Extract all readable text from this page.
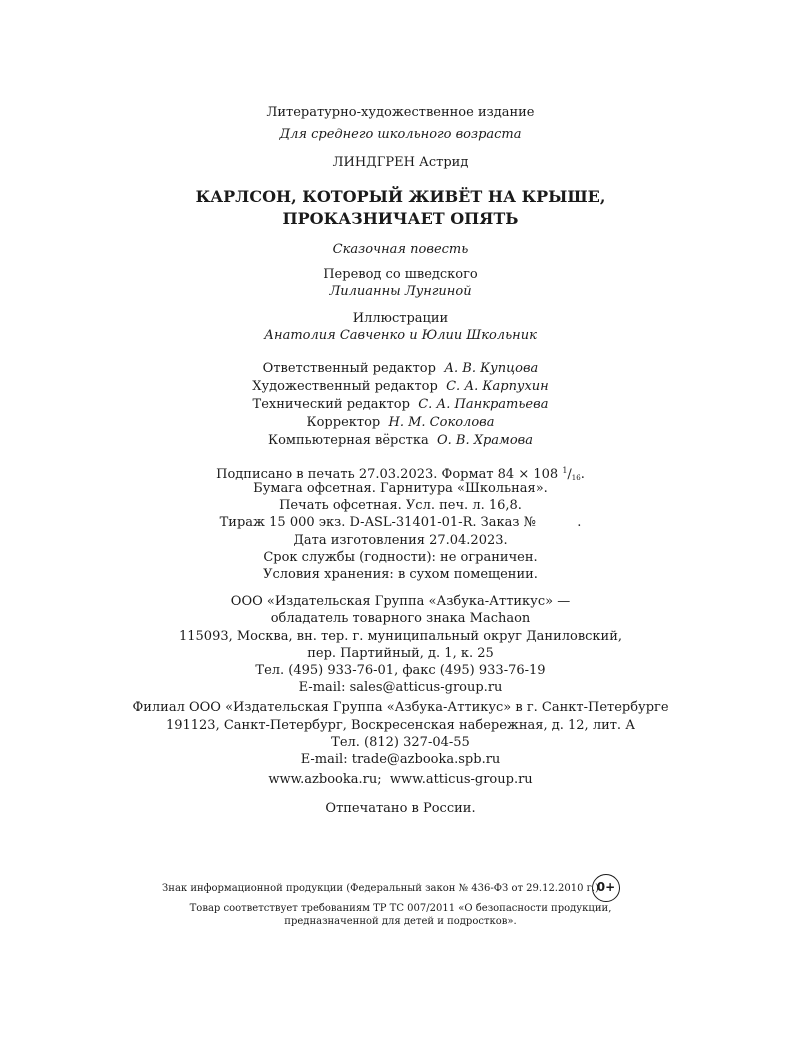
Литературно-художественное издание
Для среднего школьного возраста
ЛИНДГРЕН Астрид
КАРЛСОН, КОТОРЫЙ ЖИВЁТ НА КРЫШЕ,
ПРОКАЗНИЧАЕТ ОПЯТЬ
Сказочная повесть
Перевод со шведского
Лилианны Лунгиной
Иллюстрации
Анатолия Савченко и Юлии Школьник
Ответственный редактор А. В. Купцова
Художественный редактор С. А. Карпухин
Технический редактор С. А. Панкратьева
Корректор Н. М. Соколова
Компьютерная вёрстка О. В. Храмова
Подписано в печать 27.03.2023. Формат 84 × 108 $^1/_{16}$.
Бумага офсетная. Гарнитура «Школьная».
Печать офсетная. Усл. печ. л. 16,8.
Тираж 15 000 экз. D-ASL-31401-01-R. Заказ №          .
Дата изготовления 27.04.2023.
Срок службы (годности): не ограничен.
Условия хранения: в сухом помещении.
ООО «Издательская Группа «Азбука-Аттикус» —
обладатель товарного знака Machaon
115093, Москва, вн. тер. г. муниципальный округ Даниловский,
пер. Партийный, д. 1, к. 25
Тел. (495) 933-76-01, факс (495) 933-76-19
E-mail: sales@atticus-group.ru
Филиал ООО «Издательская Группа «Азбука-Аттикус» в г. Санкт-Петербурге
191123, Санкт-Петербург, Воскресенская набережная, д. 12, лит. А
Тел. (812) 327-04-55
E-mail: trade@azbooka.spb.ru
www.azbooka.ru;  www.atticus-group.ru
Отпечатано в России.
Знак информационной продукции (Федеральный закон № 436-ФЗ от 29.12.2010 г.)
0+
Товар соответствует требованиям ТР ТС 007/2011 «О безопасности продукции,
предназначенной для детей и подростков».
